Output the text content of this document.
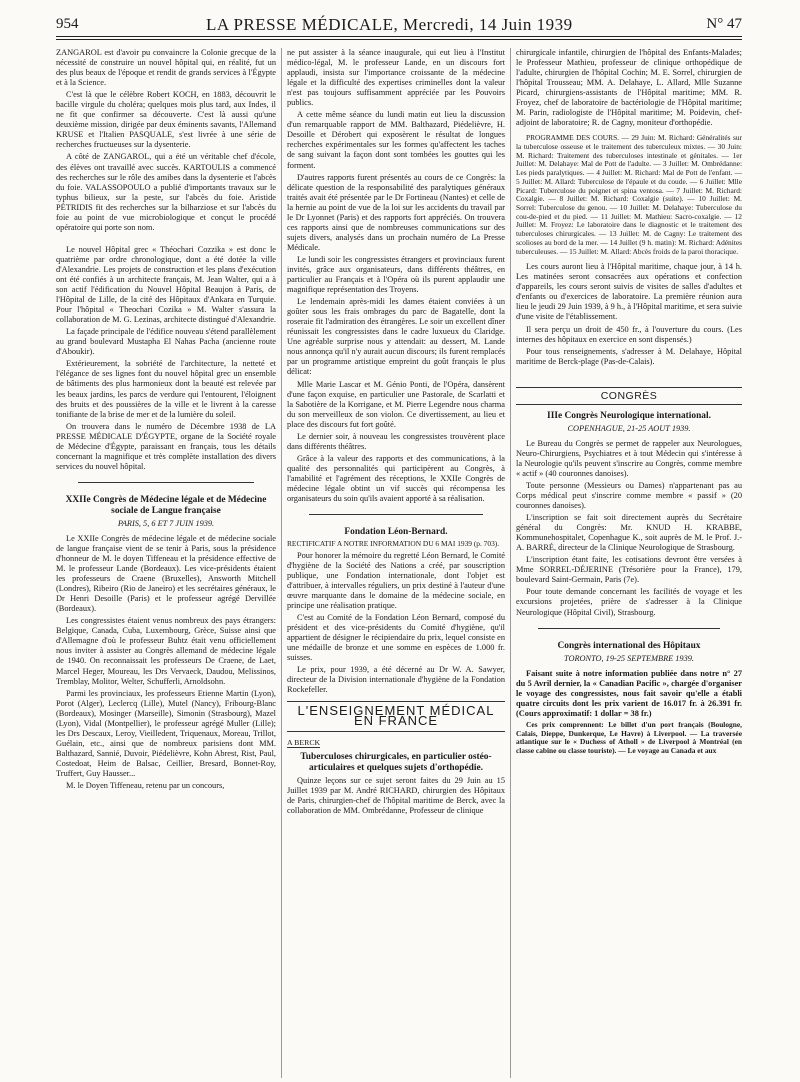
954	LA PRESSE MÉDICALE, Mercredi, 14 Juin 1939	N° 47

ZANGAROL est d'avoir pu convaincre la Colonie grecque de la nécessité de construire un nouvel hôpital qui, en réalité, fut un des plus beaux de l'époque et rendit de grands services à l'Égypte et à la Science.

C'est là que le célèbre Robert KOCH, en 1883, découvrit le bacille virgule du choléra; quelques mois plus tard, aux Indes, il ne fit que confirmer sa découverte. C'est là aussi qu'une deuxième mission, dirigée par deux éminents savants, l'Allemand KRUSE et l'Italien PASQUALE, s'est livrée à une série de recherches fructueuses sur la dysenterie.

A côté de ZANGAROL, qui a été un véritable chef d'école, des élèves ont travaillé avec succès. KARTOULIS a commencé des recherches sur le rôle des amibes dans la dysenterie et l'abcès du foie. VALASSOPOULO a publié d'importants travaux sur le typhus bilieux, sur la peste, sur l'abcès du foie. Aristide PÉTRIDIS fit des recherches sur la bilharziose et sur l'abcès du foie au point de vue microbiologique et conçut le procédé opératoire qui porte son nom.

Le nouvel Hôpital grec « Théochari Cozzika » est donc le quatrième par ordre chronologique, dont a été dotée la ville d'Alexandrie. Les projets de construction et les plans d'exécution ont été confiés à un architecte français, M. Jean Walter, qui a à son actif l'édification du Nouvel Hôpital Beaujon à Paris, de l'Hôpital de Lille, de la cité des Hôpitaux d'Ankara en Turquie. Pour l'hôpital « Theochari Cozika » M. Walter s'assura la collaboration de M. G. Lezinas, architecte distingué d'Alexandrie.

La façade principale de l'édifice nouveau s'étend parallèlement au grand boulevard Mustapha El Nahas Pacha (ancienne route d'Aboukir).

Extérieurement, la sobriété de l'architecture, la netteté et l'élégance de ses lignes font du nouvel hôpital grec un ensemble de bâtiments des plus harmonieux dont la beauté est relevée par les beaux jardins, les parcs de verdure qui l'entourent, l'éloignent des bruits et des poussières de la ville et le livrent à la caresse tonifiante de la brise de mer et de la lumière du soleil.

On trouvera dans le numéro de Décembre 1938 de LA PRESSE MÉDICALE D'ÉGYPTE, organe de la Société royale de Médecine d'Égypte, paraissant en français, tous les détails concernant la magnifique et très complète installation des divers services du nouvel hôpital.

XXIIe Congrès de Médecine légale et de Médecine sociale de Langue française
PARIS, 5, 6 ET 7 JUIN 1939.

Le XXIIe Congrès de médecine légale et de médecine sociale de langue française vient de se tenir à Paris, sous la présidence d'honneur de M. le doyen Tiffeneau et la présidence effective de M. le professeur Lande (Bordeaux). Les vice-présidents étaient les professeurs de Craene (Bruxelles), Answorth Mitchell (Londres), Ribeiro (Rio de Janeiro) et les secrétaires généraux, le Dr Henri Desoille (Paris) et le professeur agrégé Dervillée (Bordeaux).

Les congressistes étaient venus nombreux des pays étrangers: Belgique, Canada, Cuba, Luxembourg, Grèce, Suisse ainsi que d'Allemagne d'où le professeur Buhtz était venu officiellement nous inviter à assister au Congrès allemand de médecine légale de 1940. On reconnaissait les professeurs De Craene, de Laet, Marcel Heger, Moureau, les Drs Vervaeck, Daudou, Melissinos, Tremblay, Molitor, Welter, Schufferli, Arnoldsohn.

Parmi les provinciaux, les professeurs Etienne Martin (Lyon), Porot (Alger), Leclercq (Lille), Mutel (Nancy), Fribourg-Blanc (Bordeaux), Mosinger (Marseille), Simonin (Strasbourg), Mazel (Lyon), Vidal (Montpellier), le professeur agrégé Muller (Lille); les Drs Descaux, Leroy, Vieilledent, Triquenaux, Moreau, Trillot, Guélain, etc., ainsi que de nombreux parisiens dont MM. Balthazard, Sannié, Duvoir, Piédelièvre, Kohn Abrest, Rist, Paul, Costedoat, Heim de Balsac, Ceillier, Bresard, Bonnet-Roy, Truffert, Guy Hausser...

M. le Doyen Tiffeneau, retenu par un concours,

ne put assister à la séance inaugurale, qui eut lieu à l'Institut médico-légal, M. le professeur Lande, en un discours fort applaudi, insista sur l'importance croissante de la médecine légale et la difficulté des expertises criminelles dont la valeur n'est pas toujours suffisamment appréciée par les Pouvoirs publics.

A cette même séance du lundi matin eut lieu la discussion d'un remarquable rapport de MM. Balthazard, Piédelièvre, H. Desoille et Dérobert qui exposèrent le résultat de longues recherches expérimentales sur les formes qu'affectent les taches de sang suivant la façon dont sont tombées les gouttes qui les forment.

D'autres rapports furent présentés au cours de ce Congrès: la délicate question de la responsabilité des paralytiques généraux traités avait été présentée par le Dr Fortineau (Nantes) et celle de la hernie au point de vue de la loi sur les accidents du travail par le Dr Lyonnet (Paris) et des rapports fort appréciés. On trouvera ces rapports ainsi que de nombreuses communications sur des sujets divers, analysés dans un prochain numéro de La Presse Médicale.

Le lundi soir les congressistes étrangers et provinciaux furent invités, grâce aux organisateurs, dans différents théâtres, en particulier au Français et à l'Opéra où ils purent applaudir une magnifique représentation des Troyens.

Le lendemain après-midi les dames étaient conviées à un goûter sous les frais ombrages du parc de Bagatelle, dont la roseraie fit l'admiration des étrangères. Le soir un excellent dîner réunissait les congressistes dans le cadre luxueux du Claridge. Une agréable surprise nous y attendait: au dessert, M. Lande nous annonça qu'il n'y aurait aucun discours; ils furent remplacés par un programme artistique empreint du goût français le plus délicat:

Mlle Marie Lascar et M. Génio Ponti, de l'Opéra, dansèrent d'une façon exquise, en particulier une Pastorale, de Scarlatti et la Sabotière de la Korrigane, et M. Pierre Legendre nous charma du son merveilleux de son violon. Ce divertissement, au lieu et place des discours fut fort goûté.

Le dernier soir, à nouveau les congressistes trouvèrent place dans différents théâtres.

Grâce à la valeur des rapports et des communications, à la qualité des personnalités qui participèrent au Congrès, à l'amabilité et l'agrément des réceptions, le XXIIe Congrès de médecine légale obtint un vif succès qui récompensa les organisateurs du soin qu'ils avaient apporté à sa réalisation.

Fondation Léon-Bernard.

RECTIFICATIF A NOTRE INFORMATION DU 6 MAI 1939 (p. 703).

Pour honorer la mémoire du regretté Léon Bernard, le Comité d'hygiène de la Société des Nations a créé, par souscription publique, une Fondation internationale, dont l'objet est d'attribuer, à intervalles réguliers, un prix destiné à l'auteur d'une œuvre marquante dans le domaine de la médecine sociale, en principe une réalisation pratique.

C'est au Comité de la Fondation Léon Bernard, composé du président et des vice-présidents du Comité d'hygiène, qu'il appartient de désigner le récipiendaire du prix, lequel consiste en une médaille de bronze et une somme en espèces de 1.000 fr. suisses.

Le prix, pour 1939, a été décerné au Dr W. A. Sawyer, directeur de la Division internationale d'hygiène de la Fondation Rockefeller.

L'ENSEIGNEMENT MÉDICAL EN FRANCE

A BERCK

Tuberculoses chirurgicales, en particulier ostéo-articulaires et quelques sujets d'orthopédie.

Quinze leçons sur ce sujet seront faites du 29 Juin au 15 Juillet 1939 par M. André RICHARD, chirurgien des Hôpitaux de Paris, chirurgien-chef de l'hôpital maritime de Berck, avec la collaboration de MM. Ombrédanne, Professeur de clinique

chirurgicale infantile, chirurgien de l'hôpital des Enfants-Malades; le Professeur Mathieu, professeur de clinique orthopédique de l'adulte, chirurgien de l'hôpital Cochin; M. E. Sorrel, chirurgien de l'hôpital Trousseau; MM. A. Delahaye, L. Allard, Mlle Suzanne Picard, chirurgiens-assistants de l'Hôpital maritime; MM. R. Froyez, chef de laboratoire de bactériologie de l'Hôpital maritime; M. Parin, radiologiste de l'Hôpital maritime; M. Poidevin, chef-adjoint de laboratoire; R. de Cagny, moniteur d'orthopédie.

PROGRAMME DES COURS. — 29 Juin: M. Richard: Généralités sur la tuberculose osseuse et le traitement des tuberculeux mixtes. — 30 Juin: M. Richard: Traitement des tuberculoses intestinale et génitales. — 1er Juillet: M. Delahaye: Mal de Pott de l'adulte. — 3 Juillet: M. Ombrédanne: Les pieds paralytiques. — 4 Juillet: M. Richard: Mal de Pott de l'enfant. — 5 Juillet: M. Allard: Tuberculose de l'épaule et du coude. — 6 Juillet: Mlle Picard: Tuberculose du poignet et spina ventosa. — 7 Juillet: M. Richard: Coxalgie. — 8 Juillet: M. Richard: Coxalgie (suite). — 10 Juillet: M. Sorrel: Tuberculose du genou. — 10 Juillet: M. Delahaye: Tuberculose du cou-de-pied et du pied. — 11 Juillet: M. Mathieu: Sacro-coxalgie. — 12 Juillet: M. Froyez: Le laboratoire dans le diagnostic et le traitement des tuberculoses chirurgicales. — 13 Juillet: M. de Cagny: Le traitement des scolioses au bord de la mer. — 14 Juillet (9 h. matin): M. Richard: Adénites tuberculeuses. — 15 Juillet: M. Allard: Abcès froids de la paroi thoracique.

Les cours auront lieu à l'Hôpital maritime, chaque jour, à 14 h. Les matinées seront consacrées aux opérations et confection d'appareils, les cours seront suivis de visites de salles d'adultes et d'enfants ou d'exercices de laboratoire. La première réunion aura lieu le jeudi 29 Juin 1939, à 9 h., à l'Hôpital maritime, et sera suivie d'une visite de l'établissement.

Il sera perçu un droit de 450 fr., à l'ouverture du cours. (Les internes des hôpitaux en exercice en sont dispensés.)

Pour tous renseignements, s'adresser à M. Delahaye, Hôpital maritime de Berck-plage (Pas-de-Calais).

CONGRÈS
IIIe Congrès Neurologique international.
COPENHAGUE, 21-25 AOUT 1939.

Le Bureau du Congrès se permet de rappeler aux Neurologues, Neuro-Chirurgiens, Psychiatres et à tout Médecin qui s'intéresse à la Neurologie qu'ils peuvent s'inscrire au Congrès, comme membre « actif » (40 couronnes danoises).

Toute personne (Messieurs ou Dames) n'appartenant pas au Corps médical peut s'inscrire comme membre « passif » (20 couronnes danoises).

L'inscription se fait soit directement auprès du Secrétaire général du Congrès: Mr. KNUD H. KRABBE, Kommunehospitalet, Copenhague K., soit auprès de M. le Prof. J.-A. BARRÉ, directeur de la Clinique Neurologique de Strasbourg.

L'inscription étant faite, les cotisations devront être versées à Mme SORREL-DÉJERINE (Trésorière pour la France), 179, boulevard Saint-Germain, Paris (7e).

Pour toute demande concernant les facilités de voyage et les excursions projetées, prière de s'adresser à la Clinique Neurologique (Hôpital Civil), Strasbourg.

Congrès international des Hôpitaux
TORONTO, 19-25 SEPTEMBRE 1939.

Faisant suite à notre information publiée dans notre n° 27 du 5 Avril dernier, la « Canadian Pacific », chargée d'organiser le voyage des congressistes, nous fait savoir qu'elle a établi quatre circuits dont les prix varient de 16.017 fr. à 26.391 fr. (Cours approximatif: 1 dollar = 38 fr.)

Ces prix comprennent: Le billet d'un port français (Boulogne, Calais, Dieppe, Dunkerque, Le Havre) à Liverpool. — La traversée atlantique sur le « Duchess of Atholl » de Liverpool à Montréal (en classe cabine ou classe touriste). — Le voyage au Canada et aux
